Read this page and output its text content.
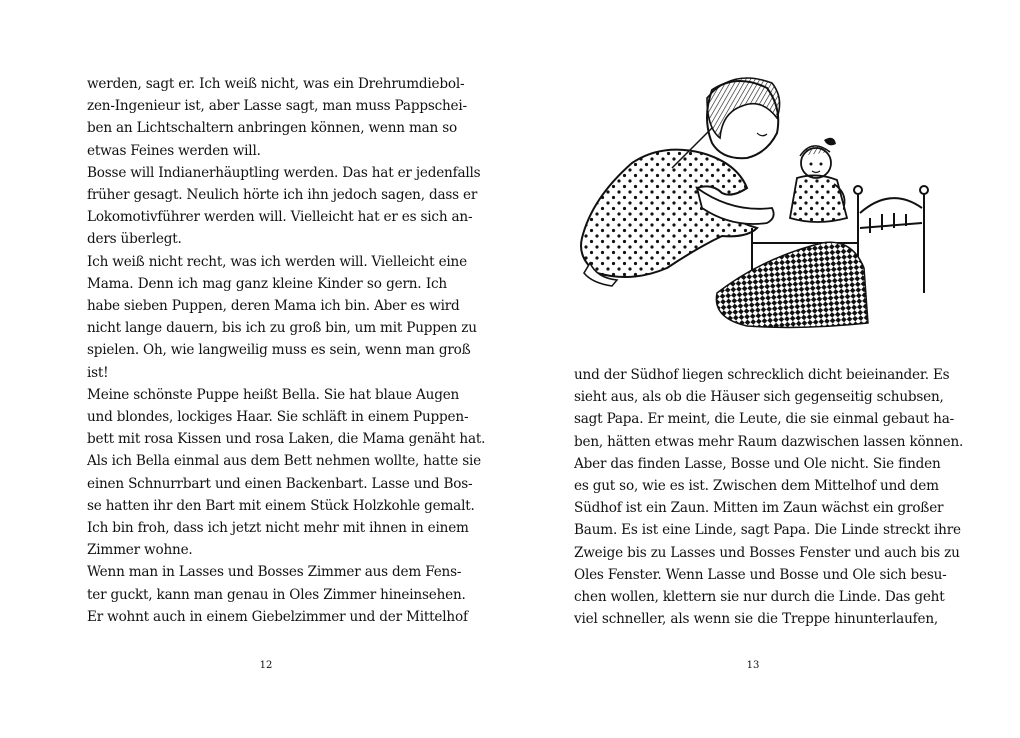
werden, sagt er. Ich weiß nicht, was ein Drehrumdiebol-
zen-Ingenieur ist, aber Lasse sagt, man muss Pappschei-
ben an Lichtschaltern anbringen können, wenn man so
etwas Feines werden will.
Bosse will Indianerhäuptling werden. Das hat er jedenfalls
früher gesagt. Neulich hörte ich ihn jedoch sagen, dass er
Lokomotivführer werden will. Vielleicht hat er es sich an-
ders überlegt.
Ich weiß nicht recht, was ich werden will. Vielleicht eine
Mama. Denn ich mag ganz kleine Kinder so gern. Ich
habe sieben Puppen, deren Mama ich bin. Aber es wird
nicht lange dauern, bis ich zu groß bin, um mit Puppen zu
spielen. Oh, wie langweilig muss es sein, wenn man groß
ist!
Meine schönste Puppe heißt Bella. Sie hat blaue Augen
und blondes, lockiges Haar. Sie schläft in einem Puppen-
bett mit rosa Kissen und rosa Laken, die Mama genäht hat.
Als ich Bella einmal aus dem Bett nehmen wollte, hatte sie
einen Schnurrbart und einen Backenbart. Lasse und Bos-
se hatten ihr den Bart mit einem Stück Holzkohle gemalt.
Ich bin froh, dass ich jetzt nicht mehr mit ihnen in einem
Zimmer wohne.
Wenn man in Lasses und Bosses Zimmer aus dem Fens-
ter guckt, kann man genau in Oles Zimmer hineinsehen.
Er wohnt auch in einem Giebelzimmer und der Mittelhof
12
und der Südhof liegen schrecklich dicht beieinander. Es
sieht aus, als ob die Häuser sich gegenseitig schubsen,
sagt Papa. Er meint, die Leute, die sie einmal gebaut ha-
ben, hätten etwas mehr Raum dazwischen lassen können.
Aber das finden Lasse, Bosse und Ole nicht. Sie finden
es gut so, wie es ist. Zwischen dem Mittelhof und dem
Südhof ist ein Zaun. Mitten im Zaun wächst ein großer
Baum. Es ist eine Linde, sagt Papa. Die Linde streckt ihre
Zweige bis zu Lasses und Bosses Fenster und auch bis zu
Oles Fenster. Wenn Lasse und Bosse und Ole sich besu-
chen wollen, klettern sie nur durch die Linde. Das geht
viel schneller, als wenn sie die Treppe hinunterlaufen,
13
